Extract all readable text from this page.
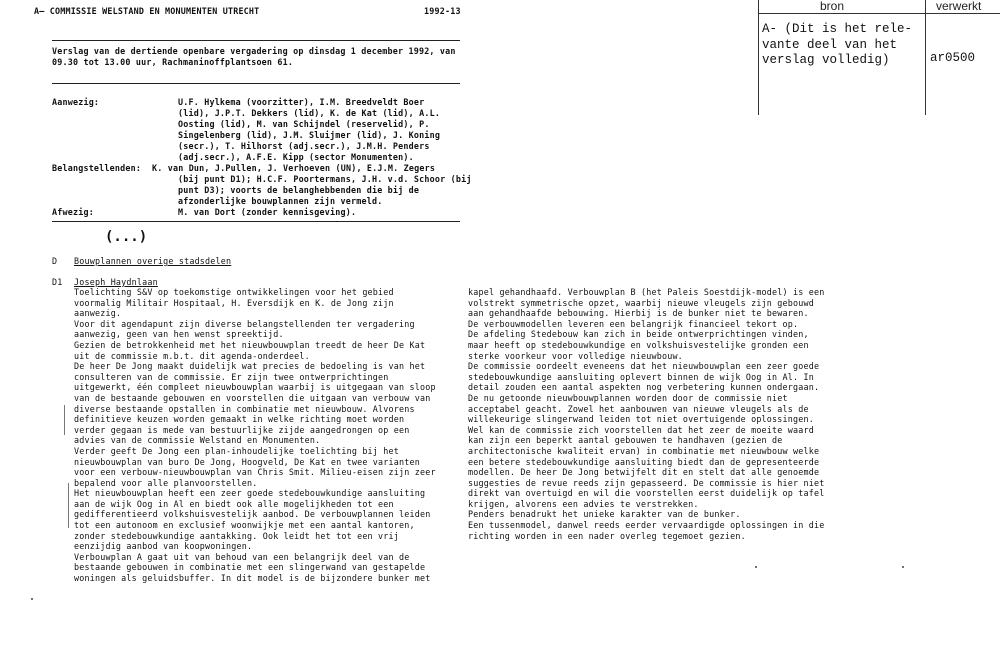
A– COMMISSIE WELSTAND EN MONUMENTEN UTRECHT	1992-13
Verslag van de dertiende openbare vergadering op dinsdag 1 december 1992, van
09.30 tot 13.00 uur, Rachmaninoffplantsoen 61.
Aanwezig:	U.F. Hylkema (voorzitter), I.M. Breedveldt Boer
(lid), J.P.T. Dekkers (lid), K. de Kat (lid), A.L.
Oosting (lid), M. van Schijndel (reservelid), P.
Singelenberg (lid), J.M. Sluijmer (lid), J. Koning
(secr.), T. Hilhorst (adj.secr.), J.M.H. Penders
(adj.secr.), A.F.E. Kipp (sector Monumenten).
Belangstellenden: K. van Dun, J.Pullen, J. Verhoeven (UN), E.J.M. Zegers
(bij punt D1); H.C.F. Poortermans, J.H. v.d. Schoor (bij
punt D3); voorts de belanghebbenden die bij de
afzonderlijke bouwplannen zijn vermeld.
Afwezig:	M. van Dort (zonder kennisgeving).
(...)
D Bouwplannen overige stadsdelen
D1 Joseph Haydnlaan
Toelichting S&V op toekomstige ontwikkelingen voor het gebied
voormalig Militair Hospitaal, H. Eversdijk en K. de Jong zijn
aanwezig.
Voor dit agendapunt zijn diverse belangstellenden ter vergadering
aanwezig, geen van hen wenst spreektijd.
Gezien de betrokkenheid met het nieuwbouwplan treedt de heer De Kat
uit de commissie m.b.t. dit agenda-onderdeel.
De heer De Jong maakt duidelijk wat precies de bedoeling is van het
consulteren van de commissie. Er zijn twee ontwerprichtingen
uitgewerkt, één compleet nieuwbouwplan waarbij is uitgegaan van sloop
van de bestaande gebouwen en voorstellen die uitgaan van verbouw van
diverse bestaande opstallen in combinatie met nieuwbouw. Alvorens
definitieve keuzen worden gemaakt in welke richting moet worden
verder gegaan is mede van bestuurlijke zijde aangedrongen op een
advies van de commissie Welstand en Monumenten.
Verder geeft De Jong een plan-inhoudelijke toelichting bij het
nieuwbouwplan van buro De Jong, Hoogveld, De Kat en twee varianten
voor een verbouw-nieuwbouwplan van Chris Smit. Milieu-eisen zijn zeer
bepalend voor alle planvoorstellen.
Het nieuwbouwplan heeft een zeer goede stedebouwkundige aansluiting
aan de wijk Oog in Al en biedt ook alle mogelijkheden tot een
gedifferentieerd volkshuisvestelijk aanbod. De verbouwplannen leiden
tot een autonoom en exclusief woonwijkje met een aantal kantoren,
zonder stedebouwkundige aantakking. Ook leidt het tot een vrij
eenzijdig aanbod van koopwoningen.
Verbouwplan A gaat uit van behoud van een belangrijk deel van de
bestaande gebouwen in combinatie met een slingerwand van gestapelde
woningen als geluidsbuffer. In dit model is de bijzondere bunker met
kapel gehandhaafd. Verbouwplan B (het Paleis Soestdijk-model) is een
volstrekt symmetrische opzet, waarbij nieuwe vleugels zijn gebouwd
aan gehandhaafde bebouwing. Hierbij is de bunker niet te bewaren.
De verbouwmodellen leveren een belangrijk financieel tekort op.
De afdeling Stedebouw kan zich in beide ontwerprichtingen vinden,
maar heeft op stedebouwkundige en volkshuisvestelijke gronden een
sterke voorkeur voor volledige nieuwbouw.
De commissie oordeelt eveneens dat het nieuwbouwplan een zeer goede
stedebouwkundige aansluiting oplevert binnen de wijk Oog in Al. In
detail zouden een aantal aspekten nog verbetering kunnen ondergaan.
De nu getoonde nieuwbouwplannen worden door de commissie niet
acceptabel geacht. Zowel het aanbouwen van nieuwe vleugels als de
willekeurige slingerwand leiden tot niet overtuigende oplossingen.
Wel kan de commissie zich voorstellen dat het zeer de moeite waard
kan zijn een beperkt aantal gebouwen te handhaven (gezien de
architectonische kwaliteit ervan) in combinatie met nieuwbouw welke
een betere stedebouwkundige aansluiting biedt dan de gepresenteerde
modellen. De heer De Jong betwijfelt dit en stelt dat alle genoemde
suggesties de revue reeds zijn gepasseerd. De commissie is hier niet
direkt van overtuigd en wil die voorstellen eerst duidelijk op tafel
krijgen, alvorens een advies te verstrekken.
Penders benadrukt het unieke karakter van de bunker.
Een tussenmodel, danwel reeds eerder vervaardigde oplossingen in die
richting worden in een nader overleg tegemoet gezien.
bron	verwerkt
A- (Dit is het rele-
vante deel van het
verslag volledig)	ar0500
